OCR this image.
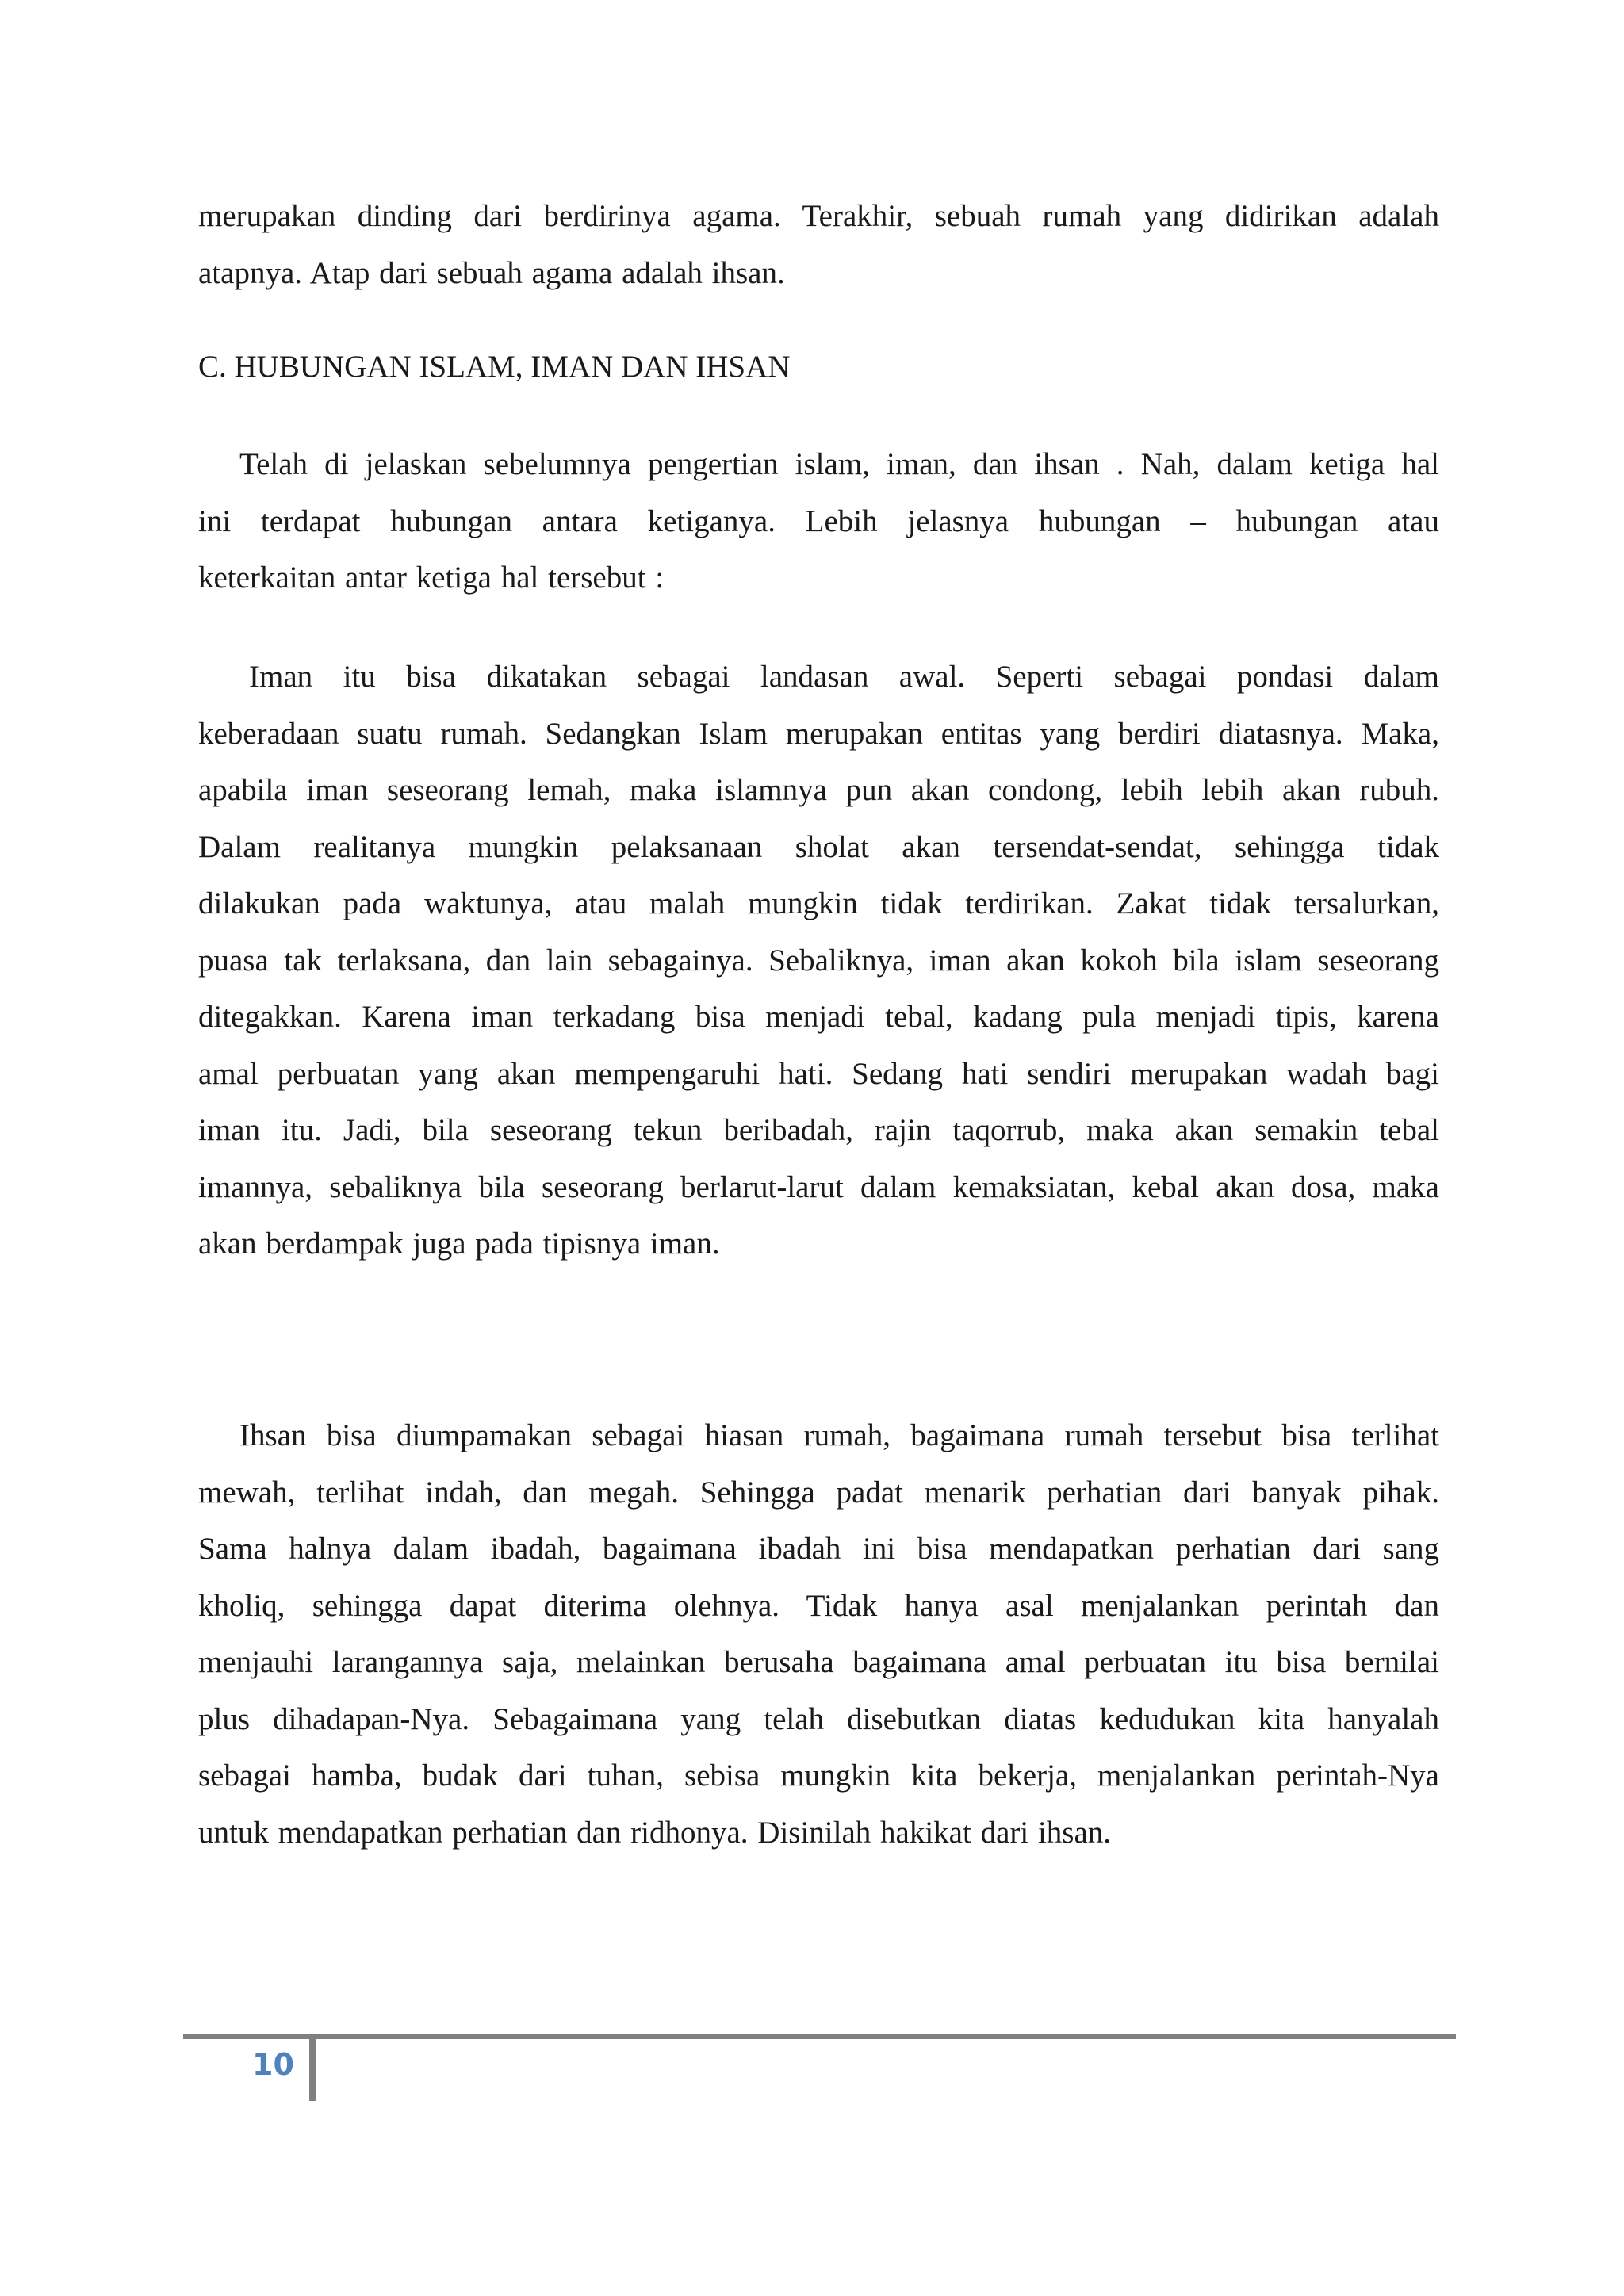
merupakan dinding dari berdirinya agama. Terakhir, sebuah rumah yang didirikan adalah
atapnya. Atap dari sebuah agama adalah ihsan.
C. HUBUNGAN ISLAM, IMAN DAN IHSAN
Telah di jelaskan sebelumnya pengertian islam, iman, dan ihsan . Nah, dalam ketiga hal
ini terdapat hubungan antara ketiganya. Lebih jelasnya hubungan – hubungan atau
keterkaitan antar ketiga hal tersebut :
Iman itu bisa dikatakan sebagai landasan awal. Seperti sebagai pondasi dalam
keberadaan suatu rumah. Sedangkan Islam merupakan entitas yang berdiri diatasnya. Maka,
apabila iman seseorang lemah, maka islamnya pun akan condong, lebih lebih akan rubuh.
Dalam realitanya mungkin pelaksanaan sholat akan tersendat-sendat, sehingga tidak
dilakukan pada waktunya, atau malah mungkin tidak terdirikan. Zakat tidak tersalurkan,
puasa tak terlaksana, dan lain sebagainya. Sebaliknya, iman akan kokoh bila islam seseorang
ditegakkan. Karena iman terkadang bisa menjadi tebal, kadang pula menjadi tipis, karena
amal perbuatan yang akan mempengaruhi hati. Sedang hati sendiri merupakan wadah bagi
iman itu. Jadi, bila seseorang tekun beribadah, rajin taqorrub, maka akan semakin tebal
imannya, sebaliknya bila seseorang berlarut-larut dalam kemaksiatan, kebal akan dosa, maka
akan berdampak juga pada tipisnya iman.
Ihsan bisa diumpamakan sebagai hiasan rumah, bagaimana rumah tersebut bisa terlihat
mewah, terlihat indah, dan megah. Sehingga padat menarik perhatian dari banyak pihak.
Sama halnya dalam ibadah, bagaimana ibadah ini bisa mendapatkan perhatian dari sang
kholiq, sehingga dapat diterima olehnya. Tidak hanya asal menjalankan perintah dan
menjauhi larangannya saja, melainkan berusaha bagaimana amal perbuatan itu bisa bernilai
plus dihadapan-Nya. Sebagaimana yang telah disebutkan diatas kedudukan kita hanyalah
sebagai hamba, budak dari tuhan, sebisa mungkin kita bekerja, menjalankan perintah-Nya
untuk mendapatkan perhatian dan ridhonya. Disinilah hakikat dari ihsan.
10
